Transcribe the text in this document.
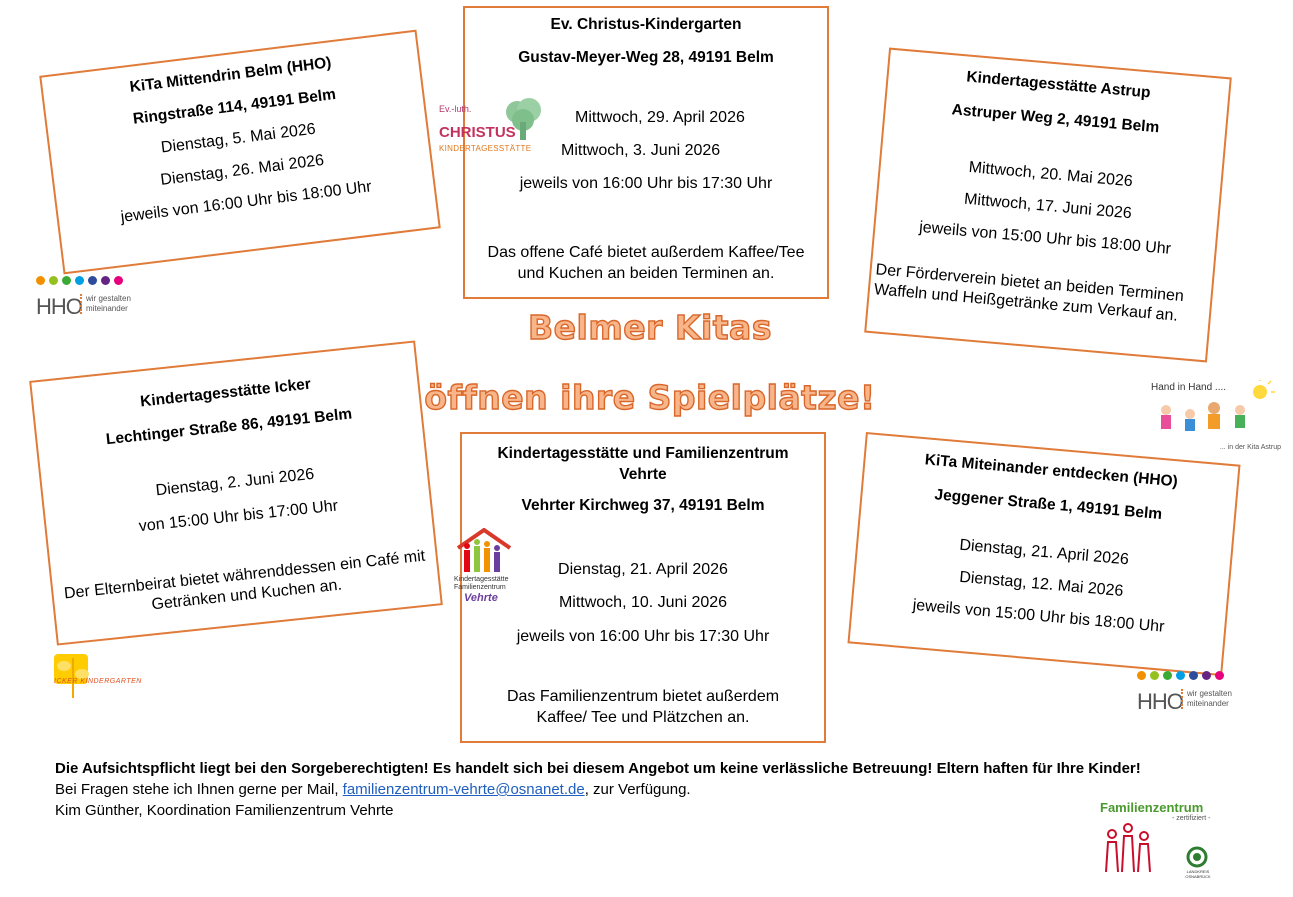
KiTa Mittendrin Belm (HHO)

Ringstraße 114, 49191 Belm

Dienstag, 5. Mai 2026

Dienstag, 26. Mai 2026

jeweils von 16:00 Uhr bis 18:00 Uhr

HHO wir gestalten
miteinander

Ev. Christus-Kindergarten

Gustav-Meyer-Weg 28, 49191 Belm

Mittwoch, 29. April 2026

Mittwoch, 3. Juni 2026

jeweils von 16:00 Uhr bis 17:30 Uhr

Das offene Café bietet außerdem Kaffee/Tee und Kuchen an beiden Terminen an.

Ev.-luth.
CHRISTUS
KINDERTAGESSTÄTTE

Kindertagesstätte Astrup

Astruper Weg 2, 49191 Belm

Mittwoch, 20. Mai 2026

Mittwoch, 17. Juni 2026

jeweils von 15:00 Uhr bis 18:00 Uhr

Der Förderverein bietet an beiden Terminen Waffeln und Heißgetränke zum Verkauf an.

Hand in Hand ....
... in der Kita Astrup
Belmer Kitas
öffnen ihre Spielplätze!

Kindertagesstätte Icker

Lechtinger Straße 86, 49191 Belm

Dienstag, 2. Juni 2026

von 15:00 Uhr bis 17:00 Uhr

Der Elternbeirat bietet währenddessen ein Café mit Getränken und Kuchen an.

ICKER KINDERGARTEN

Kindertagesstätte und Familienzentrum Vehrte

Vehrter Kirchweg 37, 49191 Belm

Dienstag, 21. April 2026

Mittwoch, 10. Juni 2026

jeweils von 16:00 Uhr bis 17:30 Uhr

Das Familienzentrum bietet außerdem Kaffee/ Tee und Plätzchen an.

Kindertagesstätte
Familienzentrum
Vehrte

KiTa Miteinander entdecken (HHO)

Jeggener Straße 1, 49191 Belm

Dienstag, 21. April 2026

Dienstag, 12. Mai 2026

jeweils von 15:00 Uhr bis 18:00 Uhr

HHO wir gestalten
miteinander
Die Aufsichtspflicht liegt bei den Sorgeberechtigten! Es handelt sich bei diesem Angebot um keine verlässliche Betreuung! Eltern haften für Ihre Kinder!
Bei Fragen stehe ich Ihnen gerne per Mail, familienzentrum-vehrte@osnanet.de, zur Verfügung.
Kim Günther, Koordination Familienzentrum Vehrte	Familienzentrum
- zertifiziert -
LANDKREIS OSNABRÜCK
